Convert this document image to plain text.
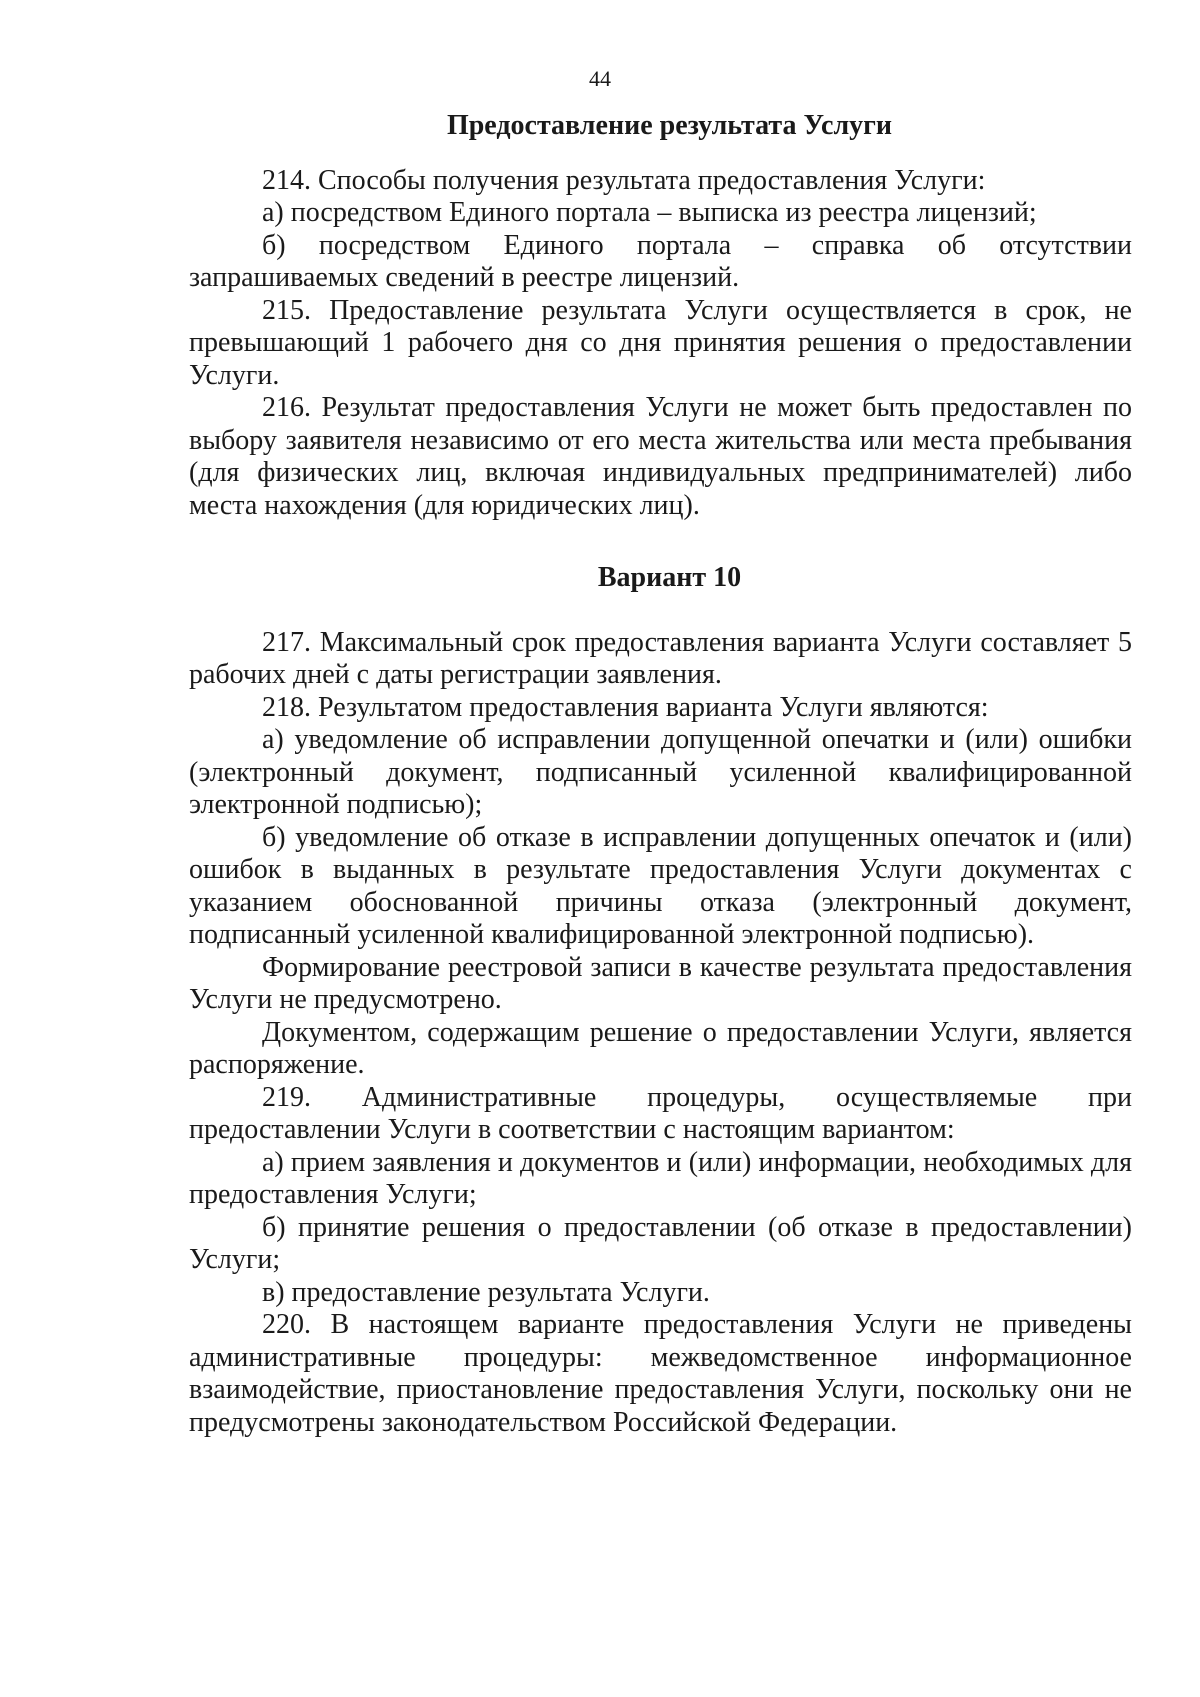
44

Предоставление результата Услуги

214. Способы получения результата предоставления Услуги:

а) посредством Единого портала – выписка из реестра лицензий;

б) посредством Единого портала – справка об отсутствии запрашиваемых сведений в реестре лицензий.

215. Предоставление результата Услуги осуществляется в срок, не превышающий 1 рабочего дня со дня принятия решения о предоставлении Услуги.

216. Результат предоставления Услуги не может быть предоставлен по выбору заявителя независимо от его места жительства или места пребывания (для физических лиц, включая индивидуальных предпринимателей) либо места нахождения (для юридических лиц).

Вариант 10

217. Максимальный срок предоставления варианта Услуги составляет 5 рабочих дней с даты регистрации заявления.

218. Результатом предоставления варианта Услуги являются:

а) уведомление об исправлении допущенной опечатки и (или) ошибки (электронный документ, подписанный усиленной квалифицированной электронной подписью);

б) уведомление об отказе в исправлении допущенных опечаток и (или) ошибок в выданных в результате предоставления Услуги документах с указанием обоснованной причины отказа (электронный документ, подписанный усиленной квалифицированной электронной подписью).

Формирование реестровой записи в качестве результата предоставления Услуги не предусмотрено.

Документом, содержащим решение о предоставлении Услуги, является распоряжение.

219. Административные процедуры, осуществляемые при предоставлении Услуги в соответствии с настоящим вариантом:

а) прием заявления и документов и (или) информации, необходимых для предоставления Услуги;

б) принятие решения о предоставлении (об отказе в предоставлении) Услуги;

в) предоставление результата Услуги.

220. В настоящем варианте предоставления Услуги не приведены административные процедуры: межведомственное информационное взаимодействие, приостановление предоставления Услуги, поскольку они не предусмотрены законодательством Российской Федерации.
